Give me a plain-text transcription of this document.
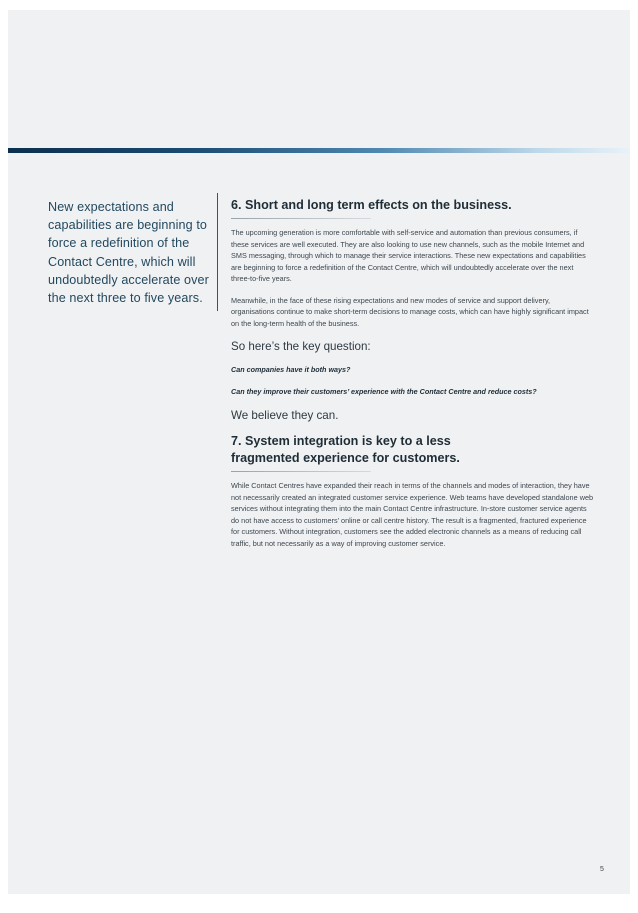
New expectations and capabilities are beginning to force a redefinition of the Contact Centre, which will undoubtedly accelerate over the next three to five years.
6. Short and long term effects on the business.

The upcoming generation is more comfortable with self-service and automation than previous consumers, if these services are well executed. They are also looking to use new channels, such as the mobile Internet and SMS messaging, through which to manage their service interactions. These new expectations and capabilities are beginning to force a redefinition of the Contact Centre, which will undoubtedly accelerate over the next three-to-five years.

Meanwhile, in the face of these rising expectations and new modes of service and support delivery, organisations continue to make short-term decisions to manage costs, which can have highly significant impact on the long-term health of the business.

So here’s the key question:

Can companies have it both ways?

Can they improve their customers’ experience with the Contact Centre and reduce costs?

We believe they can.

7. System integration is key to a less
fragmented experience for customers.

While Contact Centres have expanded their reach in terms of the channels and modes of interaction, they have not necessarily created an integrated customer service experience. Web teams have developed standalone web services without integrating them into the main Contact Centre infrastructure. In-store customer service agents do not have access to customers’ online or call centre history. The result is a fragmented, fractured experience for customers. Without integration, customers see the added electronic channels as a means of reducing call traffic, but not necessarily as a way of improving customer service.

5
